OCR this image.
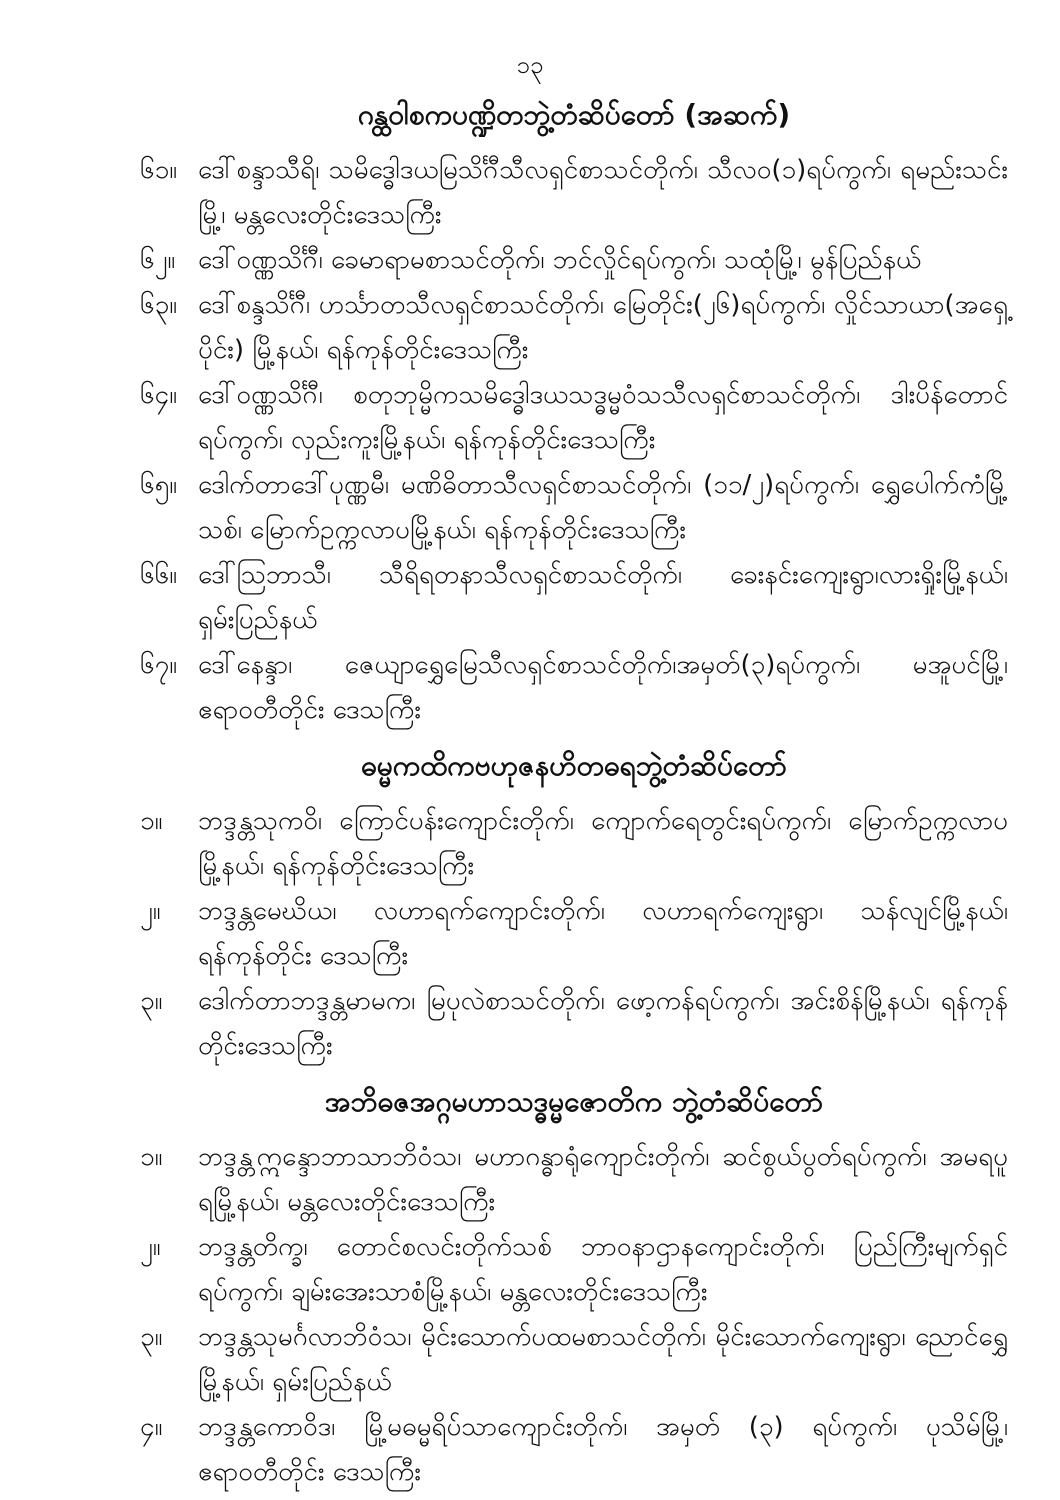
၁၃
ဂန္ထဝါစကပဏ္ဍိတဘွဲ့တံဆိပ်တော် (အဆက်)
၆၁။ ဒေါ်စန္ဒာသီရိ၊ သမိဒ္ဓေါဒယမြသိင်္ဂီသီလရှင်စာသင်တိုက်၊ သီလဝ(၁)ရပ်ကွက်၊ ရမည်းသင်းမြို့၊ မန္တလေးတိုင်းဒေသကြီး
၆၂။ ဒေါ်ဝဏ္ဏသိင်္ဂီ၊ ခေမာရာမစာသင်တိုက်၊ ဘင်လှိုင်ရပ်ကွက်၊ သထုံမြို့၊ မွန်ပြည်နယ်
၆၃။ ဒေါ်စန္ဒသိင်္ဂီ၊ ဟင်္သာတသီလရှင်စာသင်တိုက်၊ မြေတိုင်း(၂၆)ရပ်ကွက်၊ လှိုင်သာယာ(အရှေ့ပိုင်း) မြို့နယ်၊ ရန်ကုန်တိုင်းဒေသကြီး
၆၄။ ဒေါ်ဝဏ္ဏသိင်္ဂီ၊ စတုဘုမ္မိကသမိဒ္ဓေါဒယသဒ္ဓမ္မဝံသသီလရှင်စာသင်တိုက်၊ ဒါးပိန်တောင်ရပ်ကွက်၊ လှည်းကူးမြို့နယ်၊ ရန်ကုန်တိုင်းဒေသကြီး
၆၅။ ဒေါက်တာဒေါ်ပုဏ္ဏမီ၊ မဏိဓိတာသီလရှင်စာသင်တိုက်၊ (၁၁/၂)ရပ်ကွက်၊ ရွှေပေါက်ကံမြို့သစ်၊ မြောက်ဥက္ကလာပမြို့နယ်၊ ရန်ကုန်တိုင်းဒေသကြီး
၆၆။ ဒေါ်ဩဘာသီ၊ သီရိရတနာသီလရှင်စာသင်တိုက်၊ ခေးနင်းကျေးရွာ၊လားရှိုးမြို့နယ်၊ ရှမ်းပြည်နယ်
၆၇။ ဒေါ်နေန္ဒာ၊ ဇေယျာရွှေမြေသီလရှင်စာသင်တိုက်၊အမှတ်(၃)ရပ်ကွက်၊ မအူပင်မြို့၊ ဧရာဝတီတိုင်း ဒေသကြီး
ဓမ္မကထိကဗဟုဇနဟိတဓရဘွဲ့တံဆိပ်တော်
၁။	ဘဒ္ဒန္တသုကဝိ၊ ကြောင်ပန်းကျောင်းတိုက်၊ ကျောက်ရေတွင်းရပ်ကွက်၊ မြောက်ဥက္ကလာပမြို့နယ်၊ ရန်ကုန်တိုင်းဒေသကြီး
၂။	ဘဒ္ဒန္တမေဃိယ၊ လဟာရက်ကျောင်းတိုက်၊ လဟာရက်ကျေးရွာ၊ သန်လျင်မြို့နယ်၊ ရန်ကုန်တိုင်း ဒေသကြီး
၃။	ဒေါက်တာဘဒ္ဒန္တမာမက၊ မြပုလဲစာသင်တိုက်၊ ဖော့ကန်ရပ်ကွက်၊ အင်းစိန်မြို့နယ်၊ ရန်ကုန် တိုင်းဒေသကြီး
အဘိဓဇအဂ္ဂမဟာသဒ္ဓမ္မဇောတိက ဘွဲ့တံဆိပ်တော်
၁။	ဘဒ္ဒန္တဣန္ဒောဘာသာဘိဝံသ၊ မဟာဂန္ဓာရုံကျောင်းတိုက်၊ ဆင်စွယ်ပွတ်ရပ်ကွက်၊ အမရပူရမြို့နယ်၊ မန္တလေးတိုင်းဒေသကြီး
၂။	ဘဒ္ဒန္တတိက္ခ၊ တောင်စလင်းတိုက်သစ် ဘာဝနာဌာနကျောင်းတိုက်၊ ပြည်ကြီးမျက်ရှင်ရပ်ကွက်၊ ချမ်းအေးသာစံမြို့နယ်၊ မန္တလေးတိုင်းဒေသကြီး
၃။	ဘဒ္ဒန္တသုမင်္ဂလာဘိဝံသ၊ မိုင်းသောက်ပထမစာသင်တိုက်၊ မိုင်းသောက်ကျေးရွာ၊ ညောင်ရွှေမြို့နယ်၊ ရှမ်းပြည်နယ်
၄။	ဘဒ္ဒန္တကောဝိဒ၊ မြို့မဓမ္မရိပ်သာကျောင်းတိုက်၊ အမှတ် (၃) ရပ်ကွက်၊ ပုသိမ်မြို့၊ ဧရာဝတီတိုင်း ဒေသကြီး
